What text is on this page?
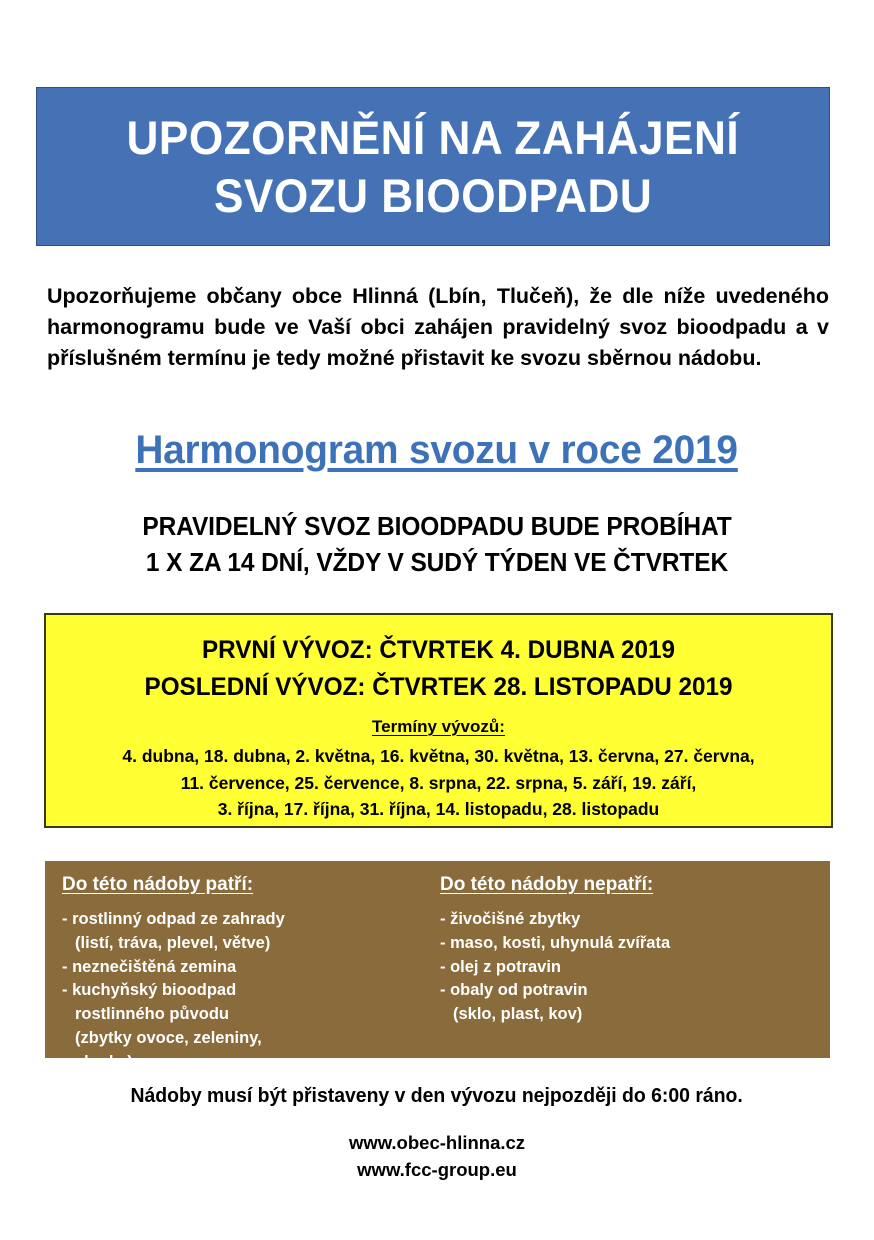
UPOZORNĚNÍ NA ZAHÁJENÍ
SVOZU BIOODPADU
Upozorňujeme občany obce Hlinná (Lbín, Tlučeň), že dle níže uvedeného harmonogramu bude ve Vaší obci zahájen pravidelný svoz bioodpadu a v příslušném termínu je tedy možné přistavit ke svozu sběrnou nádobu.
Harmonogram svozu v roce 2019
PRAVIDELNÝ SVOZ BIOODPADU BUDE PROBÍHAT
1 X ZA 14 DNÍ, VŽDY V SUDÝ TÝDEN VE ČTVRTEK
PRVNÍ VÝVOZ: ČTVRTEK 4. DUBNA 2019
POSLEDNÍ VÝVOZ: ČTVRTEK 28. LISTOPADU 2019
Termíny vývozů:
4. dubna, 18. dubna, 2. května, 16. května, 30. května, 13. června, 27. června,
11. července, 25. července, 8. srpna, 22. srpna, 5. září, 19. září,
3. října, 17. října, 31. října, 14. listopadu, 28. listopadu
Do této nádoby patří:
- rostlinný odpad ze zahrady
(listí, tráva, plevel, větve)
- neznečištěná zemina
- kuchyňský bioodpad
rostlinného původu
(zbytky ovoce, zeleniny,
slupky)
Do této nádoby nepatří:
- živočišné zbytky
- maso, kosti, uhynulá zvířata
- olej z potravin
- obaly od potravin
(sklo, plast, kov)
Nádoby musí být přistaveny v den vývozu nejpozději do 6:00 ráno.
www.obec-hlinna.cz
www.fcc-group.eu
